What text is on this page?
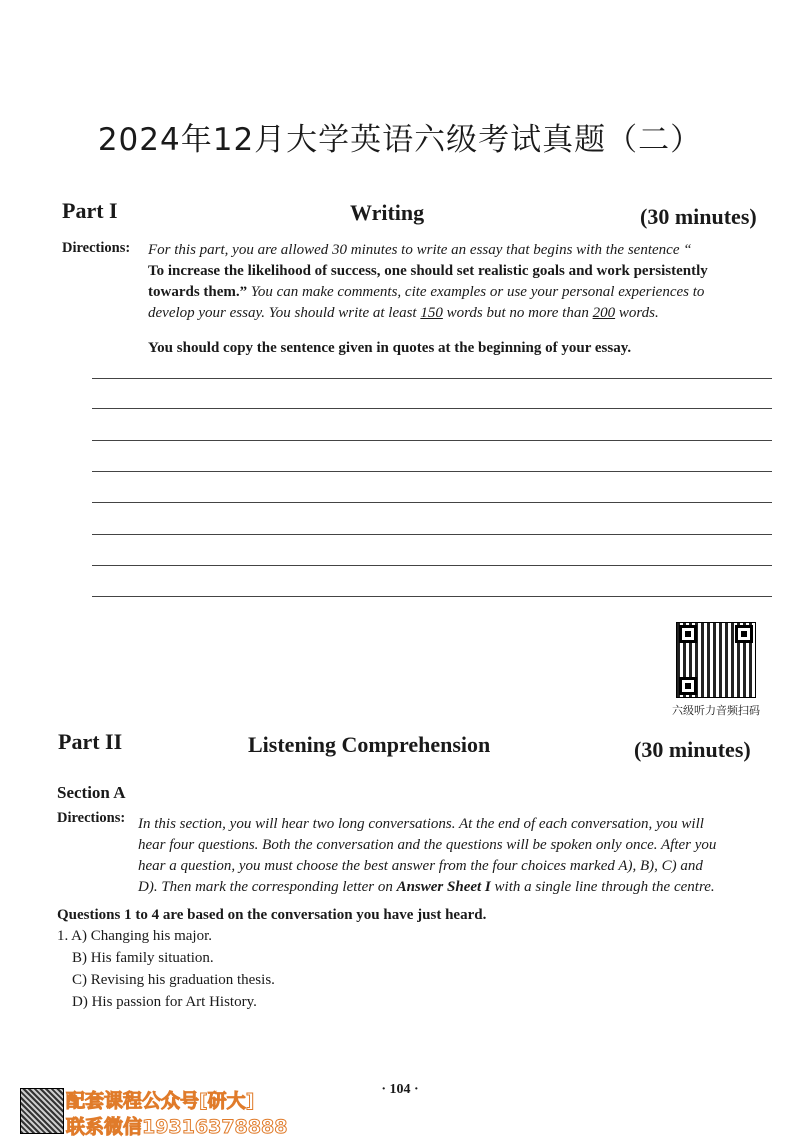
2024年12月大学英语六级考试真题（二）
Part I	Writing	(30 minutes)
Directions: For this part, you are allowed 30 minutes to write an essay that begins with the sentence “
To increase the likelihood of success, one should set realistic goals and work persistently
towards them.” You can make comments, cite examples or use your personal experiences to
develop your essay. You should write at least 150 words but no more than 200 words.
You should copy the sentence given in quotes at the beginning of your essay.
六级听力音频扫码
Part II	Listening Comprehension	(30 minutes)
Section A
Directions: In this section, you will hear two long conversations. At the end of each conversation, you will
hear four questions. Both the conversation and the questions will be spoken only once. After you
hear a question, you must choose the best answer from the four choices marked A), B), C) and
D). Then mark the corresponding letter on Answer Sheet I with a single line through the centre.
Questions 1 to 4 are based on the conversation you have just heard.
1. A) Changing his major.
B) His family situation.
C) Revising his graduation thesis.
D) His passion for Art History.
· 104 ·
配套课程公众号[研大]
联系微信19316378888
